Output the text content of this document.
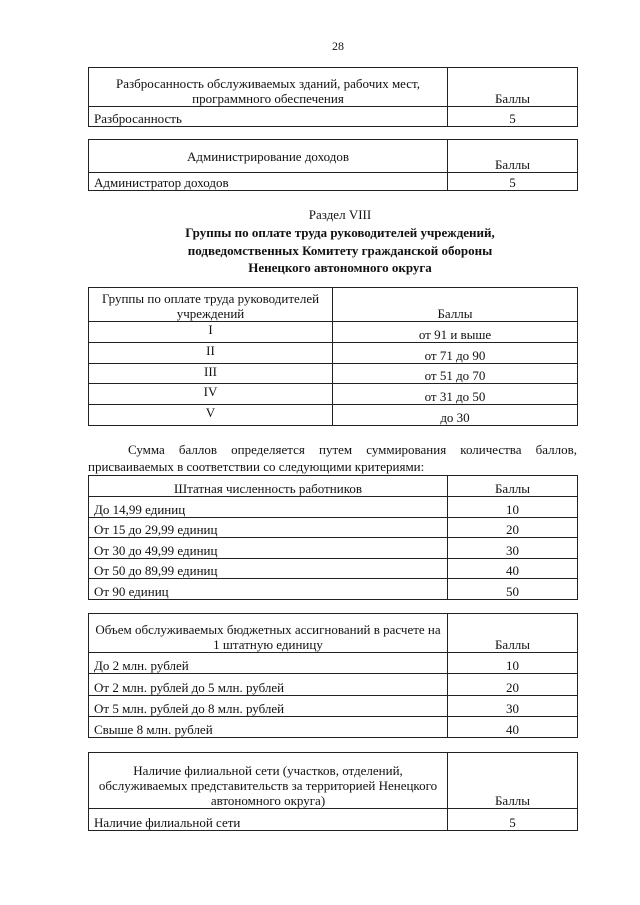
28
Раздел VIII
Группы по оплате труда руководителей учреждений,
подведомственных Комитету гражданской обороны
Ненецкого автономного округа
Сумма баллов определяется путем суммирования количества баллов, присваиваемых в соответствии со следующими критериями:
Разбросанность обслуживаемых зданий, рабочих мест, программного обеспечения	Баллы
Разбросанность	5
Администрирование доходов	Баллы
Администратор доходов	5
Группы по оплате труда руководителей учреждений	Баллы
I	от 91 и выше
II	от 71 до 90
III	от 51 до 70
IV	от 31 до 50
V	до 30
Штатная численность работников	Баллы
До 14,99 единиц	10
От 15 до 29,99 единиц	20
От 30 до 49,99 единиц	30
От 50 до 89,99 единиц	40
От 90 единиц	50
Объем обслуживаемых бюджетных ассигнований в расчете на 1 штатную единицу	Баллы
До 2 млн. рублей	10
От 2 млн. рублей до 5 млн. рублей	20
От 5 млн. рублей до 8 млн. рублей	30
Свыше 8 млн. рублей	40
Наличие филиальной сети (участков, отделений, обслуживаемых представительств за территорией Ненецкого автономного округа)	Баллы
Наличие филиальной сети	5
